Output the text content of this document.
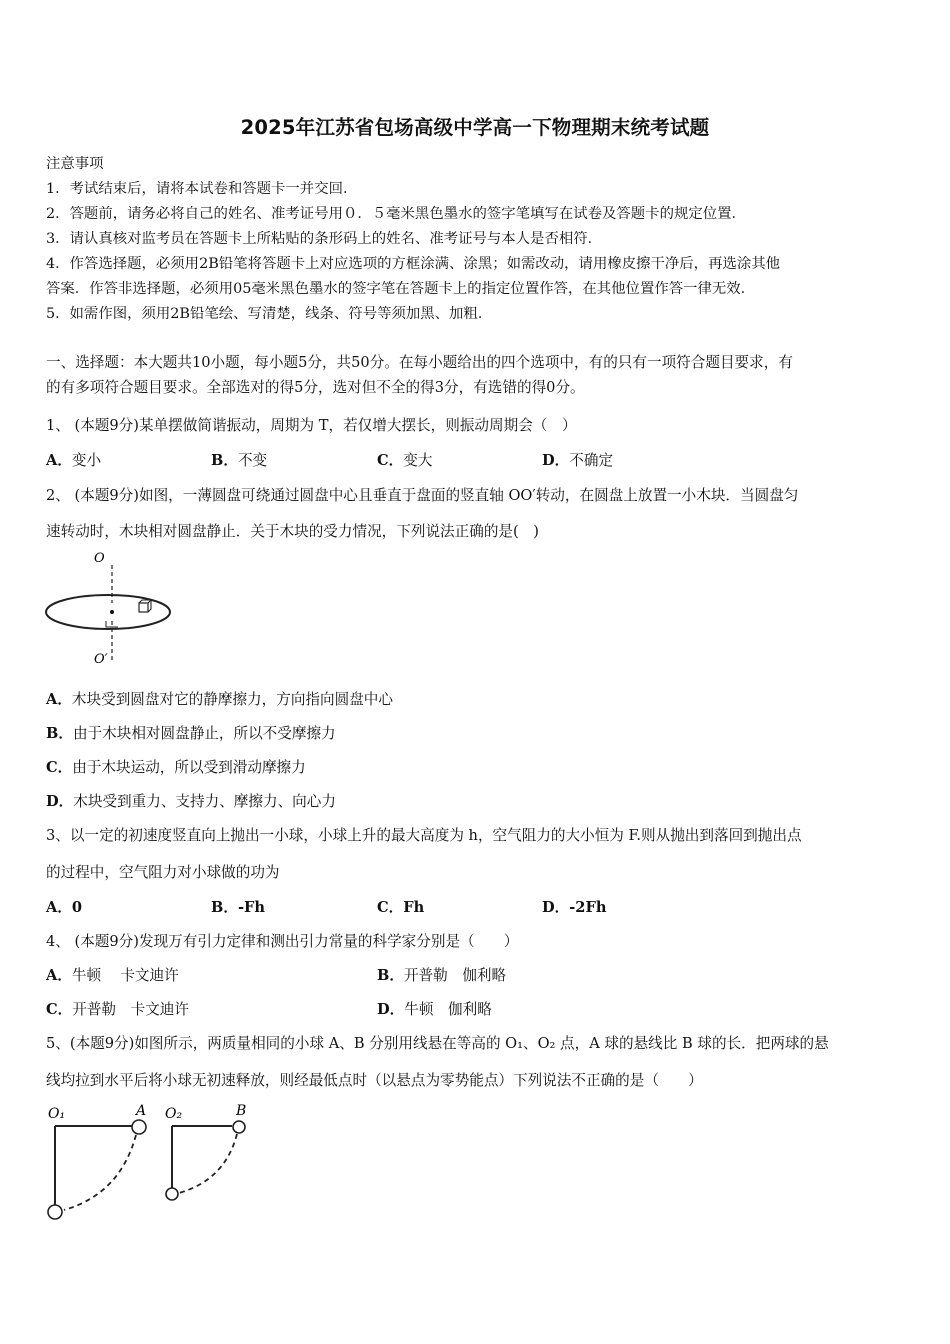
2025年江苏省包场高级中学高一下物理期末统考试题
注意事项
1．考试结束后，请将本试卷和答题卡一并交回．
2．答题前，请务必将自己的姓名、准考证号用０．５毫米黑色墨水的签字笔填写在试卷及答题卡的规定位置．
3．请认真核对监考员在答题卡上所粘贴的条形码上的姓名、准考证号与本人是否相符．
4．作答选择题，必须用2B铅笔将答题卡上对应选项的方框涂满、涂黑；如需改动，请用橡皮擦干净后，再选涂其他
答案．作答非选择题，必须用05毫米黑色墨水的签字笔在答题卡上的指定位置作答，在其他位置作答一律无效．
5．如需作图，须用2B铅笔绘、写清楚，线条、符号等须加黑、加粗．
一、选择题：本大题共10小题，每小题5分，共50分。在每小题给出的四个选项中，有的只有一项符合题目要求，有
的有多项符合题目要求。全部选对的得5分，选对但不全的得3分，有选错的得0分。
1、 (本题9分)某单摆做简谐振动，周期为 T，若仅增大摆长，则振动周期会（　）
A．变小	B．不变	C．变大	D．不确定
2、 (本题9分)如图，一薄圆盘可绕通过圆盘中心且垂直于盘面的竖直轴 OO′转动，在圆盘上放置一小木块．当圆盘匀
速转动时，木块相对圆盘静止．关于木块的受力情况，下列说法正确的是(　)
O
O′
A．木块受到圆盘对它的静摩擦力，方向指向圆盘中心
B．由于木块相对圆盘静止，所以不受摩擦力
C．由于木块运动，所以受到滑动摩擦力
D．木块受到重力、支持力、摩擦力、向心力
3、以一定的初速度竖直向上抛出一小球，小球上升的最大高度为 h，空气阻力的大小恒为 F.则从抛出到落回到抛出点
的过程中，空气阻力对小球做的功为
A．0	B．-Fh	C．Fh	D．-2Fh
4、 (本题9分)发现万有引力定律和测出引力常量的科学家分别是（　　）
A．牛顿　 卡文迪许	B．开普勒　伽利略
C．开普勒　卡文迪许	D．牛顿　伽利略
5、(本题9分)如图所示，两质量相同的小球 A、B 分别用线悬在等高的 O₁、O₂ 点，A 球的悬线比 B 球的长．把两球的悬
线均拉到水平后将小球无初速释放，则经最低点时（以悬点为零势能点）下列说法不正确的是（　　）
O₁	A O₂	B
